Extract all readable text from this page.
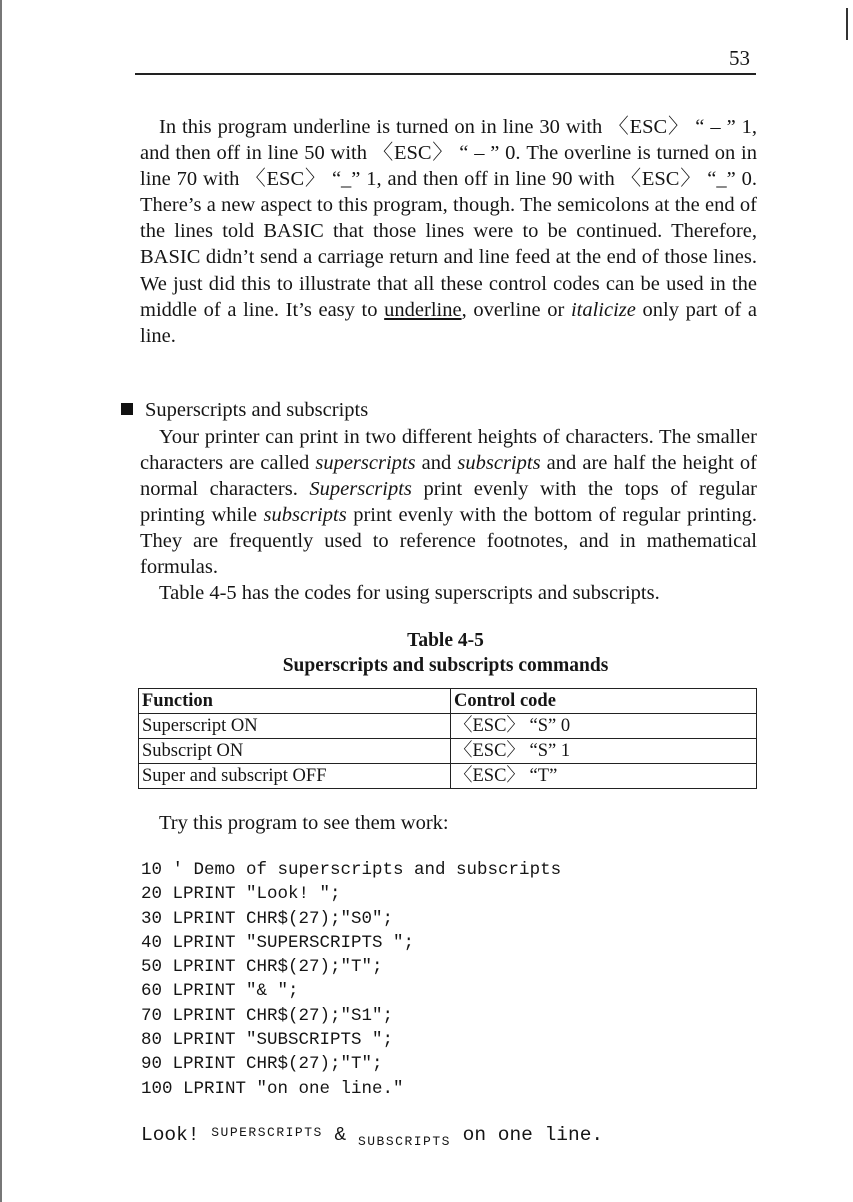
53

In this program underline is turned on in line 30 with 〈ESC〉 “ – ” 1, and then off in line 50 with 〈ESC〉 “ – ” 0. The overline is turned on in line 70 with 〈ESC〉 “_” 1, and then off in line 90 with 〈ESC〉 “_” 0. There’s a new aspect to this program, though. The semicolons at the end of the lines told BASIC that those lines were to be continued. Therefore, BASIC didn’t send a carriage return and line feed at the end of those lines. We just did this to illustrate that all these control codes can be used in the middle of a line. It’s easy to underline, overline or italicize only part of a line.

Superscripts and subscripts

Your printer can print in two different heights of characters. The smaller characters are called superscripts and subscripts and are half the height of normal characters. Superscripts print evenly with the tops of regular printing while subscripts print evenly with the bottom of regular printing. They are frequently used to reference footnotes, and in mathematical formulas.

Table 4-5 has the codes for using superscripts and subscripts.

Table 4-5
Superscripts and subscripts commands
Function	Control code
Superscript ON	〈ESC〉 “S” 0
Subscript ON	〈ESC〉 “S” 1
Super and subscript OFF	〈ESC〉 “T”

Try this program to see them work:

10 ' Demo of superscripts and subscripts
20 LPRINT "Look! ";
30 LPRINT CHR$(27);"S0";
40 LPRINT "SUPERSCRIPTS ";
50 LPRINT CHR$(27);"T";
60 LPRINT "& ";
70 LPRINT CHR$(27);"S1";
80 LPRINT "SUBSCRIPTS ";
90 LPRINT CHR$(27);"T";
100 LPRINT "on one line."
Look! $^{SUPERSCRIPTS}$ & $_{SUBSCRIPTS}$ on one line.
